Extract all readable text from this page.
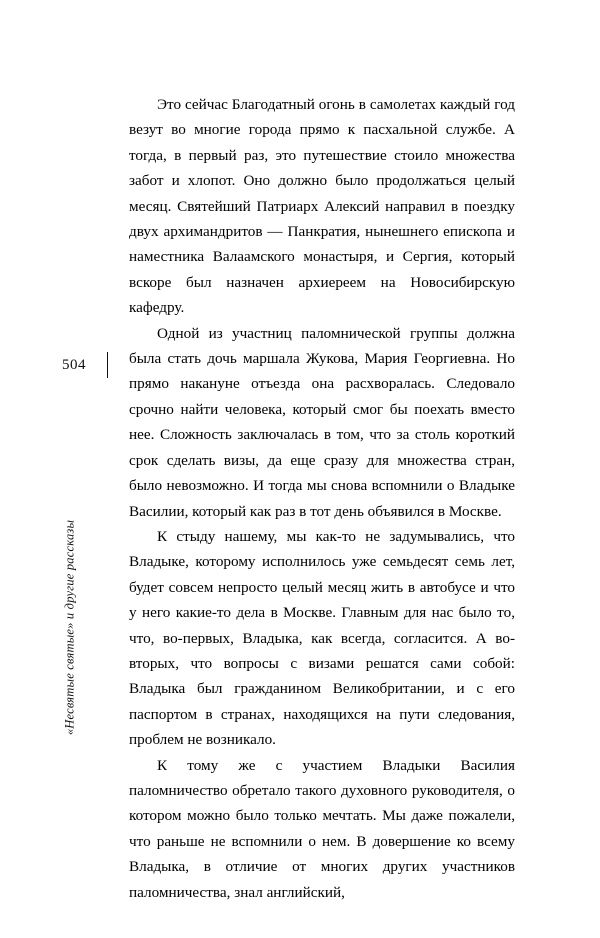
504
«Несвятые святые» и другие рассказы

Это сейчас Благодатный огонь в самолетах каждый год везут во многие города прямо к пасхальной службе. А тогда, в первый раз, это путешествие стоило множества забот и хлопот. Оно должно было продолжаться целый месяц. Святейший Патриарх Алексий направил в поездку двух архимандритов — Панкратия, нынешнего епископа и наместника Валаамского монастыря, и Сергия, который вскоре был назначен архиереем на Новосибирскую кафедру.

Одной из участниц паломнической группы должна была стать дочь маршала Жукова, Мария Георгиевна. Но прямо накануне отъезда она расхворалась. Следовало срочно найти человека, который смог бы поехать вместо нее. Сложность заключалась в том, что за столь короткий срок сделать визы, да еще сразу для множества стран, было невозможно. И тогда мы снова вспомнили о Владыке Василии, который как раз в тот день объявился в Москве.

К стыду нашему, мы как-то не задумывались, что Владыке, которому исполнилось уже семьдесят семь лет, будет совсем непросто целый месяц жить в автобусе и что у него какие-то дела в Москве. Главным для нас было то, что, во-первых, Владыка, как всегда, согласится. А во-вторых, что вопросы с визами решатся сами собой: Владыка был гражданином Великобритании, и с его паспортом в странах, находящихся на пути следования, проблем не возникало.

К тому же с участием Владыки Василия паломничество обретало такого духовного руководителя, о котором можно было только мечтать. Мы даже пожалели, что раньше не вспомнили о нем. В довершение ко всему Владыка, в отличие от многих других участников паломничества, знал английский,
